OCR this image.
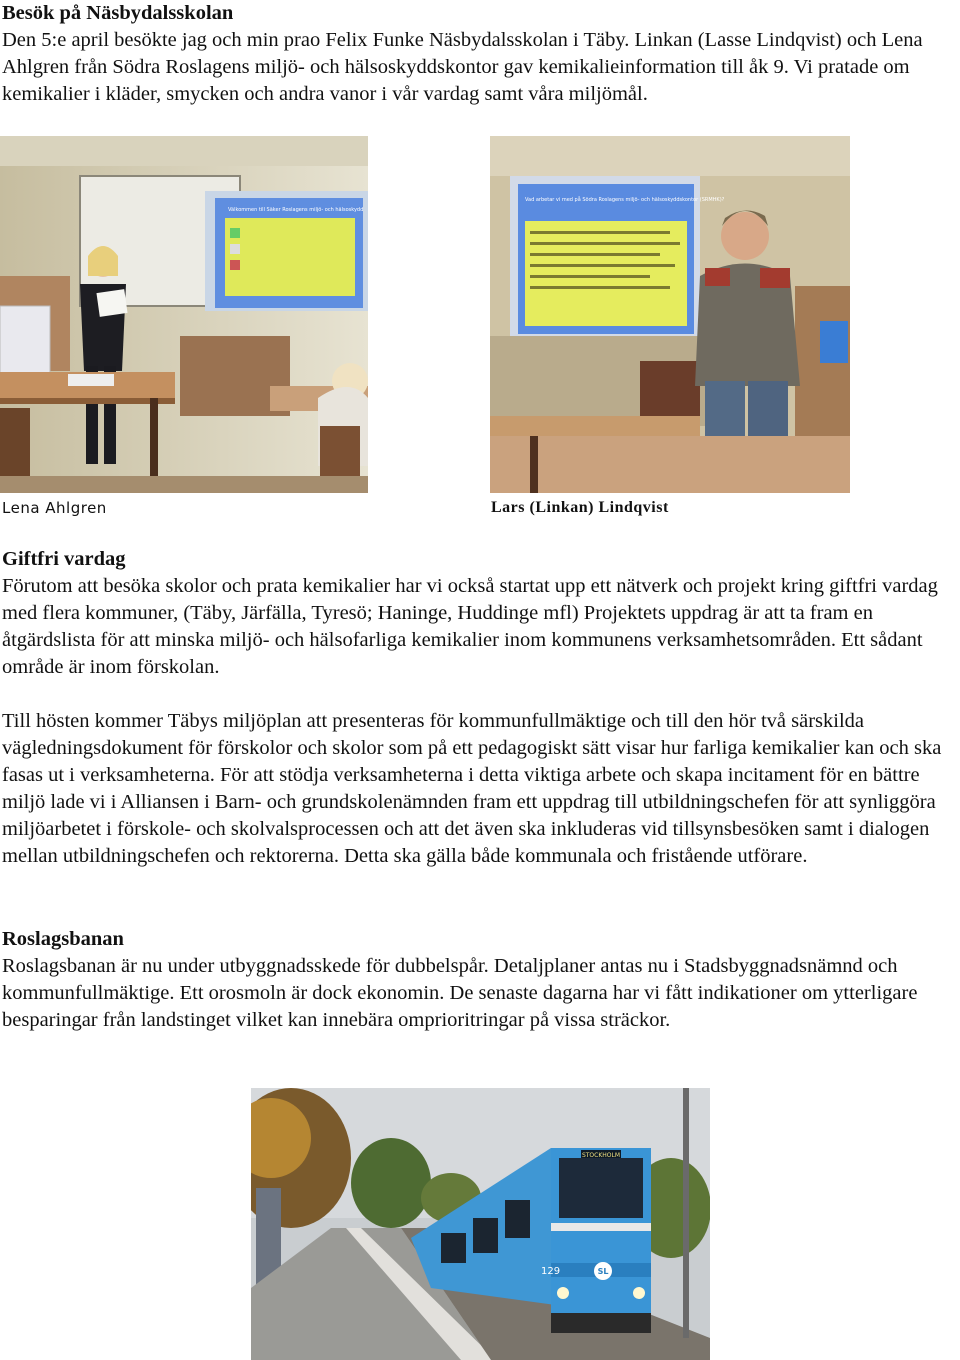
Besök på Näsbydalsskolan

Den 5:e april besökte jag och min prao Felix Funke Näsbydalsskolan i Täby. Linkan (Lasse Lindqvist) och Lena Ahlgren från Södra Roslagens miljö- och hälsoskyddskontor gav kemikalieinformation till åk 9. Vi pratade om kemikalier i kläder, smycken och andra vanor i vår vardag samt våra miljömål.

Välkommen till Säker Roslagens miljö- och hälsoskydd
Vad arbetar vi med på Södra Roslagens miljö- och hälsoskyddskontor (SRMHK)?
Lena Ahlgren	Lars (Linkan) Lindqvist
Giftfri vardag

Förutom att besöka skolor och prata kemikalier har vi också startat upp ett nätverk och projekt kring giftfri vardag med flera kommuner, (Täby, Järfälla, Tyresö; Haninge, Huddinge mfl) Projektets uppdrag är att ta fram en åtgärdslista för att minska miljö- och hälsofarliga kemikalier inom kommunens verksamhetsområden. Ett sådant område är inom förskolan.

Till hösten kommer Täbys miljöplan att presenteras för kommunfullmäktige och till den hör två särskilda vägledningsdokument för förskolor och skolor som på ett pedagogiskt sätt visar hur farliga kemikalier kan och ska fasas ut i verksamheterna. För att stödja verksamheterna i detta viktiga arbete och skapa incitament för en bättre miljö lade vi i Alliansen i Barn- och grundskolenämnden fram ett uppdrag till utbildningschefen för att synliggöra miljöarbetet i förskole- och skolvalsprocessen och att det även ska inkluderas vid tillsynsbesöken samt i dialogen mellan utbildningschefen och rektorerna. Detta ska gälla både kommunala och fristående utförare.

Roslagsbanan

Roslagsbanan är nu under utbyggnadsskede för dubbelspår. Detaljplaner antas nu i Stadsbyggnadsnämnd och kommunfullmäktige. Ett orosmoln är dock ekonomin. De senaste dagarna har vi fått indikationer om ytterligare besparingar från landstinget vilket kan innebära omprioritringar på vissa sträckor.

STOCKHOLM
129	SL
